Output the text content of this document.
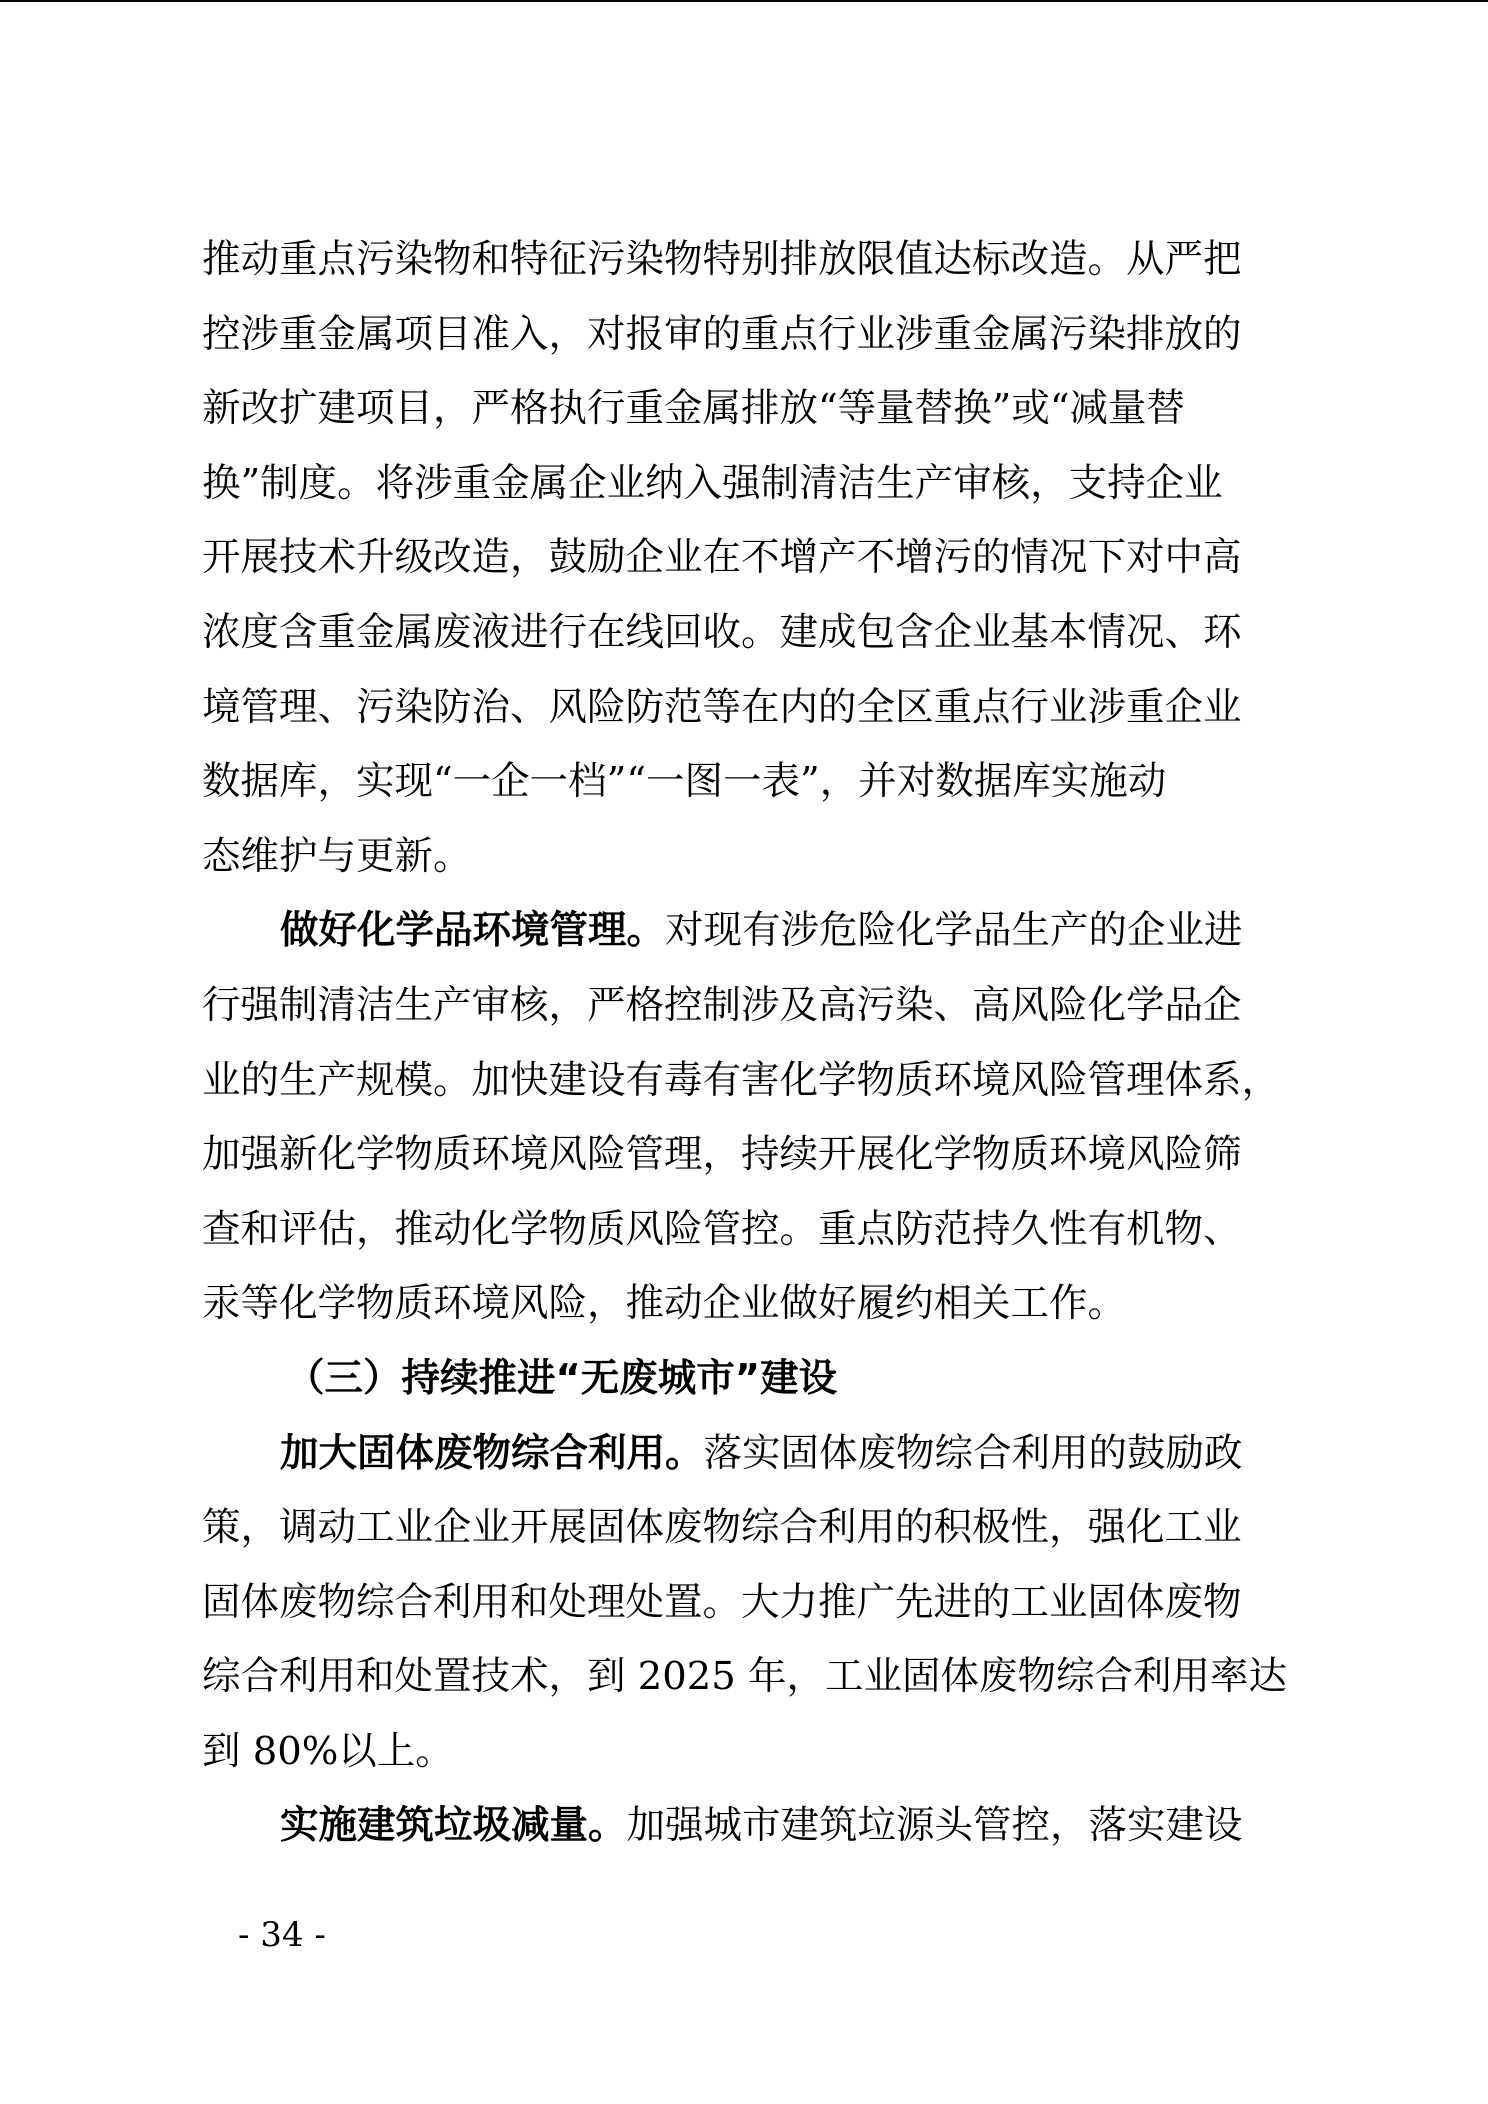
推动重点污染物和特征污染物特别排放限值达标改造。从严把
控涉重金属项目准入，对报审的重点行业涉重金属污染排放的
新改扩建项目，严格执行重金属排放“等量替换”或“减量替
换”制度。将涉重金属企业纳入强制清洁生产审核，支持企业
开展技术升级改造，鼓励企业在不增产不增污的情况下对中高
浓度含重金属废液进行在线回收。建成包含企业基本情况、环
境管理、污染防治、风险防范等在内的全区重点行业涉重企业
数据库，实现“一企一档”“一图一表”，并对数据库实施动
态维护与更新。
做好化学品环境管理。对现有涉危险化学品生产的企业进
行强制清洁生产审核，严格控制涉及高污染、高风险化学品企
业的生产规模。加快建设有毒有害化学物质环境风险管理体系，
加强新化学物质环境风险管理，持续开展化学物质环境风险筛
查和评估，推动化学物质风险管控。重点防范持久性有机物、
汞等化学物质环境风险，推动企业做好履约相关工作。
（三）持续推进“无废城市”建设
加大固体废物综合利用。落实固体废物综合利用的鼓励政
策，调动工业企业开展固体废物综合利用的积极性，强化工业
固体废物综合利用和处理处置。大力推广先进的工业固体废物
综合利用和处置技术，到 2025 年，工业固体废物综合利用率达
到 80%以上。
实施建筑垃圾减量。加强城市建筑垃源头管控，落实建设
- 34 -
